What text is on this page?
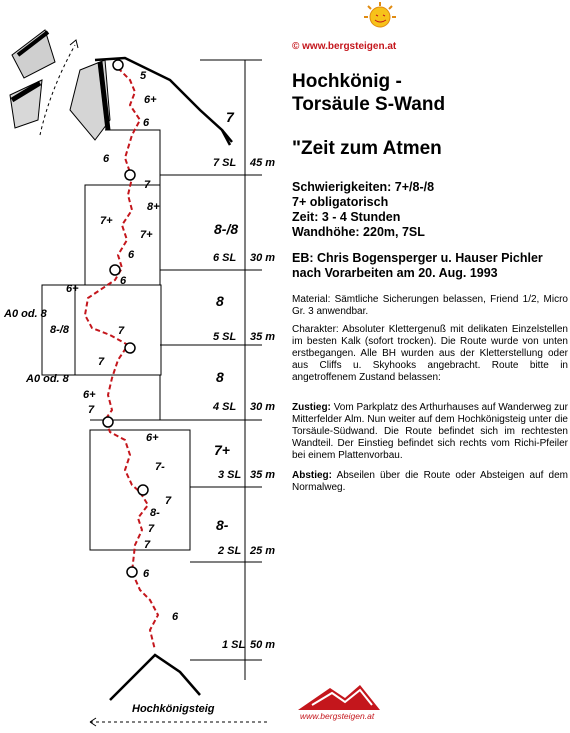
7 SL 45 m
6 SL 30 m
5 SL 35 m
4 SL 30 m
3 SL 35 m
2 SL 25 m
1 SL 50 m
7
8-/8
8
8
7+
8-
A0 od. 8
A0 od. 8
5
6+
6
6
7
8+
7+
7+
6
6+
6
8-/8	7
7
6+
7
6+
7-
7
8-
7
7
6
6
Hochkönigsteig
© www.bergsteigen.at
Hochkönig -
Torsäule S-Wand
"Zeit zum Atmen
Schwierigkeiten: 7+/8-/8
7+ obligatorisch
Zeit: 3 - 4 Stunden
Wandhöhe: 220m, 7SL
EB: Chris Bogensperger u. Hauser Pichler nach Vorarbeiten am 20. Aug. 1993
Material: Sämtliche Sicherungen belassen, Friend 1/2, Micro Gr. 3 anwendbar.
Charakter: Absoluter Klettergenuß mit delikaten Einzelstellen im besten Kalk (sofort trocken). Die Route wurde von unten erstbegangen. Alle BH wurden aus der Kletterstellung oder aus Cliffs u. Skyhooks angebracht. Route bitte in angetroffenem Zustand belassen:
Zustieg: Vom Parkplatz des Arthurhauses auf Wanderweg zur Mitterfelder Alm. Nun weiter auf dem Hochkönigsteig unter die Torsäule-Südwand. Die Route befindet sich im rechtesten Wandteil. Der Einstieg befindet sich rechts vom Richi-Pfeiler bei einem Plattenvorbau.
Abstieg: Abseilen über die Route oder Absteigen auf dem Normalweg.
www.bergsteigen.at
